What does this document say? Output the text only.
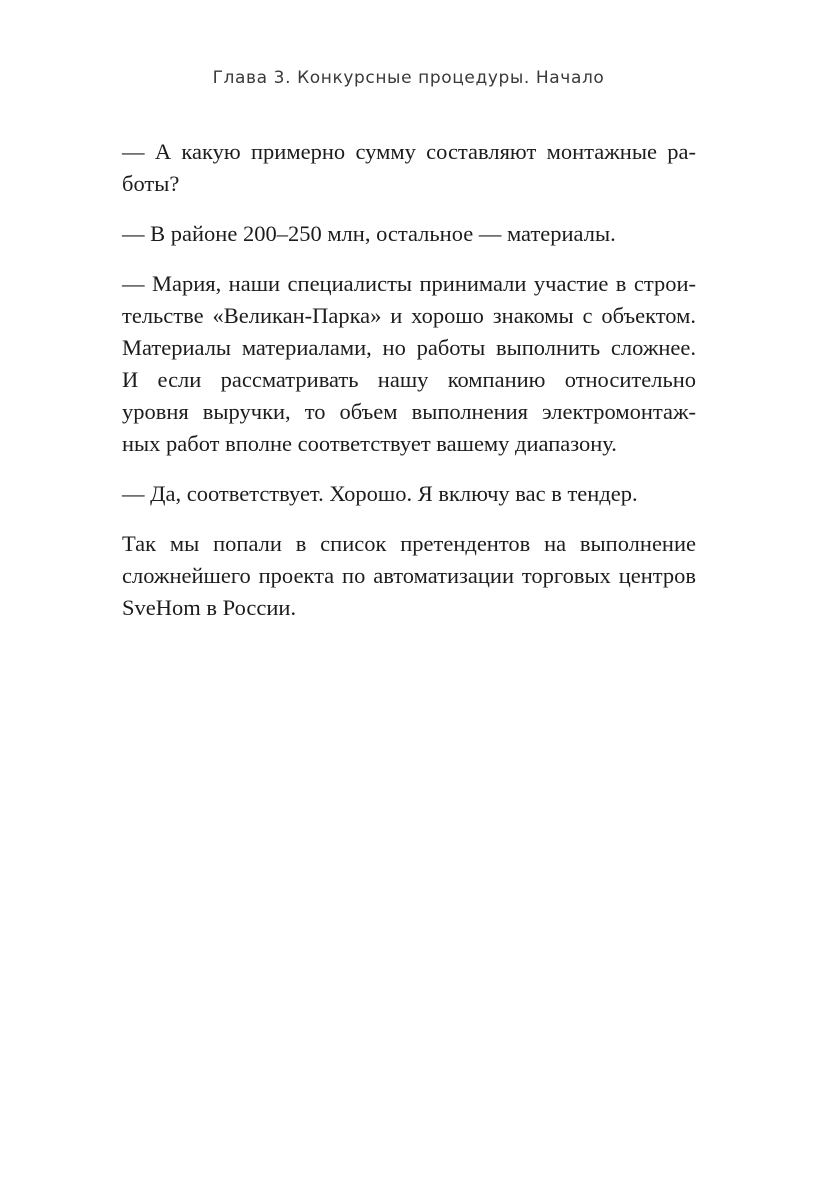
Глава 3. Конкурсные процедуры. Начало

— А какую примерно сумму составляют монтажные ра-
боты?

— В районе 200–250 млн, остальное — материалы.

— Мария, наши специалисты принимали участие в строи-
тельстве «Великан-Парка» и хорошо знакомы с объектом.
Материалы материалами, но работы выполнить сложнее.
И если рассматривать нашу компанию относительно
уровня выручки, то объем выполнения электромонтаж-
ных работ вполне соответствует вашему диапазону.

— Да, соответствует. Хорошо. Я включу вас в тендер.

Так мы попали в список претендентов на выполнение
сложнейшего проекта по автоматизации торговых центров
SveHom в России.
